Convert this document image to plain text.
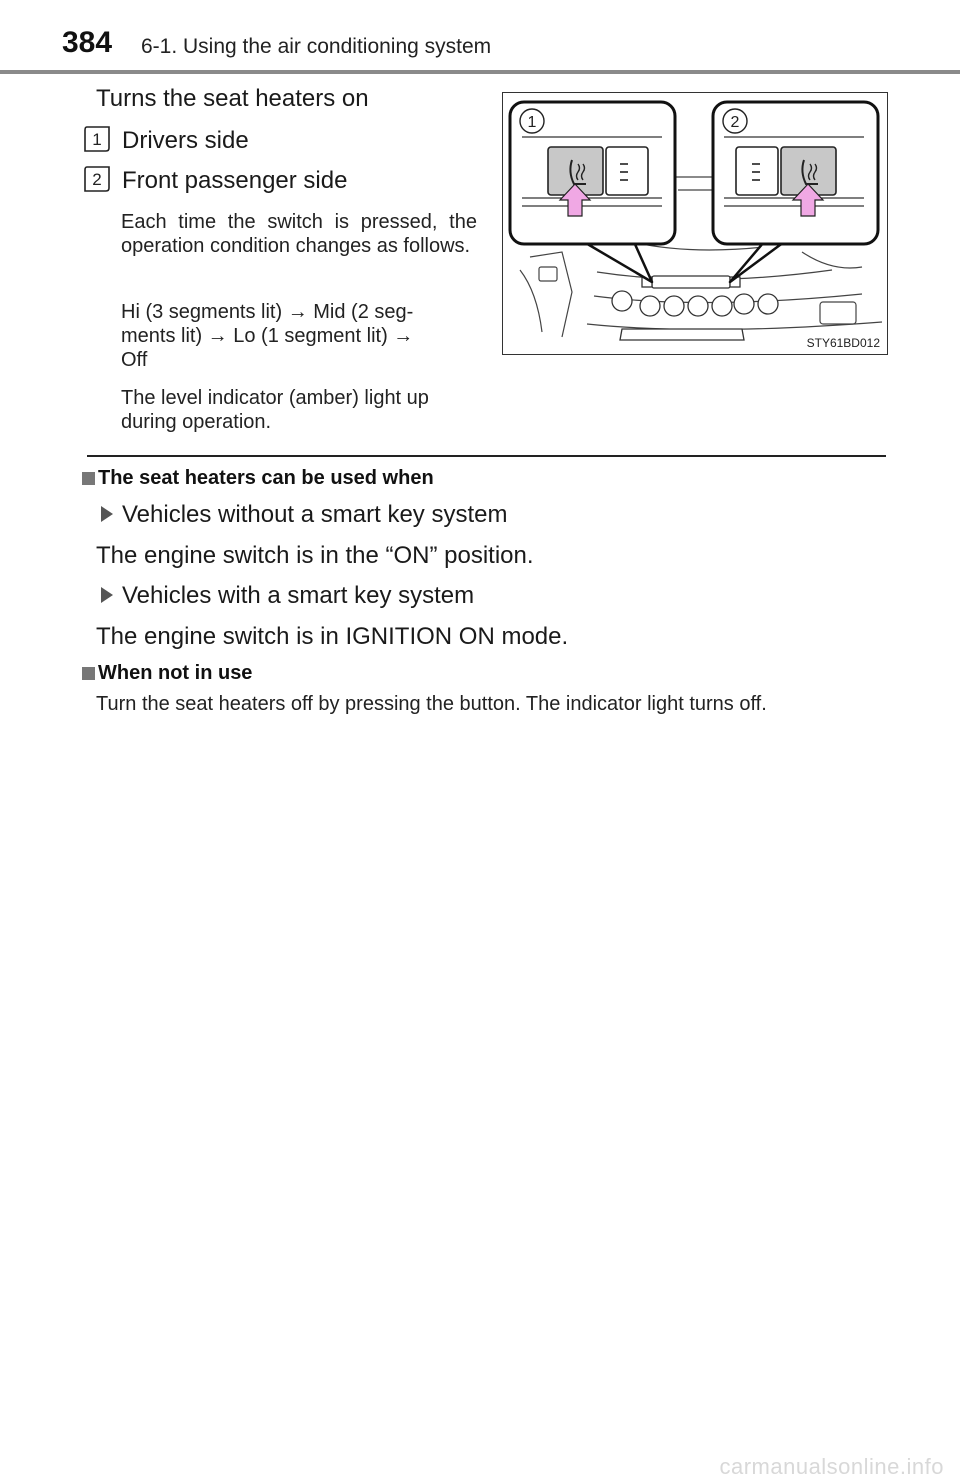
384 6-1. Using the air conditioning system
Turns the seat heaters on
1 Drivers side
2 Front passenger side
Each time the switch is pressed, the operation condition changes as follows.
Hi (3 segments lit) → Mid (2 seg-
ments lit) → Lo (1 segment lit) →
Off
The level indicator (amber) light up during operation.
1	2
STY61BD012
The seat heaters can be used when
Vehicles without a smart key system
The engine switch is in the “ON” position.
Vehicles with a smart key system
The engine switch is in IGNITION ON mode.
When not in use
Turn the seat heaters off by pressing the button. The indicator light turns off.
carmanualsonline.info
